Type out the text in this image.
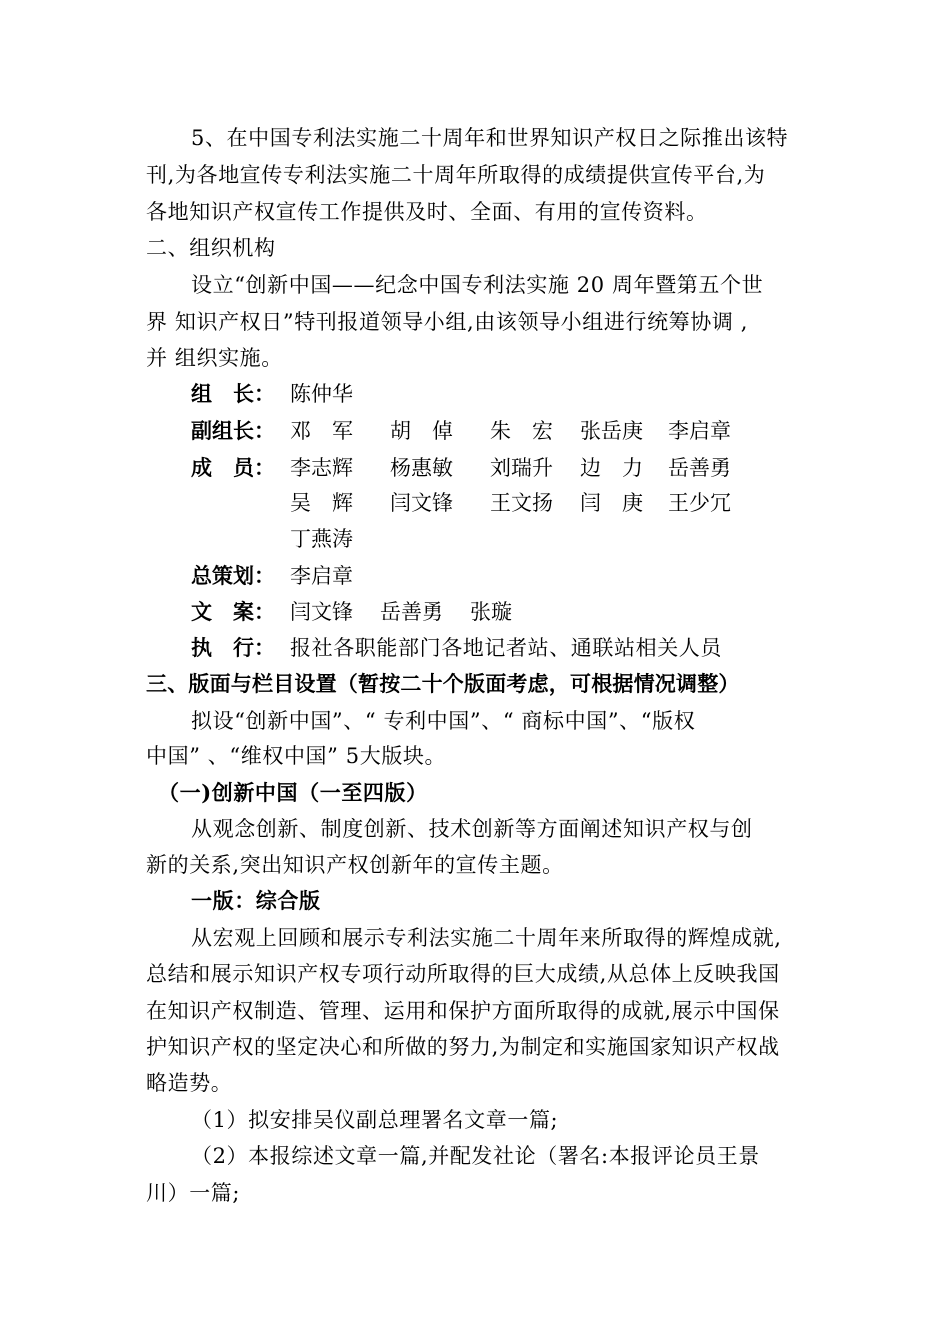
5、在中国专利法实施二十周年和世界知识产权日之际推出该特
刊,为各地宣传专利法实施二十周年所取得的成绩提供宣传平台,为
各地知识产权宣传工作提供及时、全面、有用的宣传资料。
二、组织机构
设立“创新中国——纪念中国专利法实施 20 周年暨第五个世
界 知识产权日”特刊报道领导小组,由该领导小组进行统筹协调 ,
并 组织实施。
组　长： 陈仲华
副组长： 邓　军 胡　倬 朱　宏 张岳庚 李启章
成　员： 李志辉 杨惠敏 刘瑞升 边　力 岳善勇
吴　辉 闫文锋 王文扬 闫　庚 王少冗
丁燕涛
总策划： 李启章
文　案： 闫文锋 岳善勇 张璇
执　行： 报社各职能部门各地记者站、通联站相关人员
三、版面与栏目设置（暂按二十个版面考虑，可根据情况调整）
拟设“创新中国”、“ 专利中国”、“ 商标中国”、“版权
中国” 、“维权中国” 5大版块。
（一)创新中国（一至四版）
从观念创新、制度创新、技术创新等方面阐述知识产权与创
新的关系,突出知识产权创新年的宣传主题。
一版：综合版
从宏观上回顾和展示专利法实施二十周年来所取得的辉煌成就,
总结和展示知识产权专项行动所取得的巨大成绩,从总体上反映我国
在知识产权制造、管理、运用和保护方面所取得的成就,展示中国保
护知识产权的坚定决心和所做的努力,为制定和实施国家知识产权战
略造势。
（1）拟安排吴仪副总理署名文章一篇;
（2）本报综述文章一篇,并配发社论（署名:本报评论员王景
川）一篇;
